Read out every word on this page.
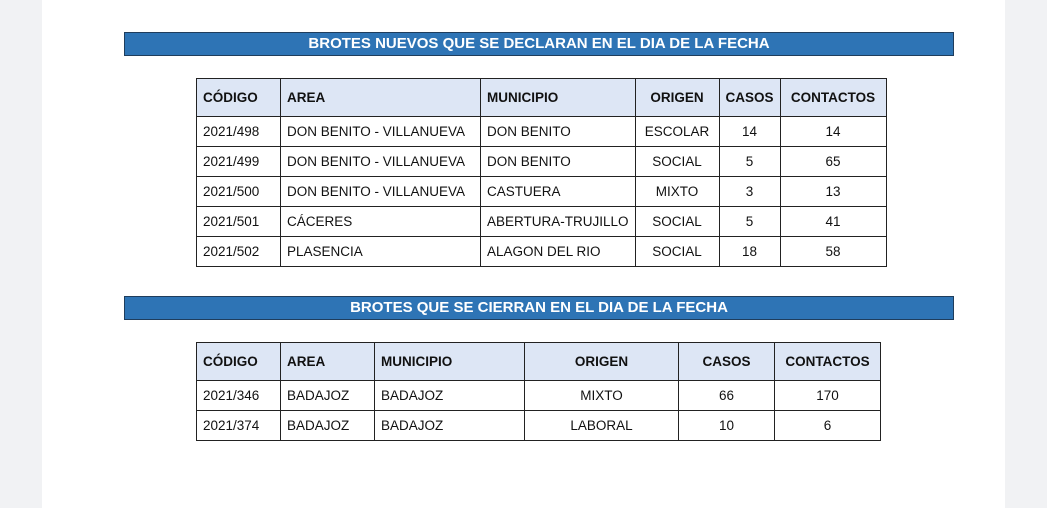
BROTES NUEVOS QUE SE DECLARAN EN EL DIA DE LA FECHA
CÓDIGO	AREA	MUNICIPIO	ORIGEN	CASOS	CONTACTOS
2021/498	DON BENITO - VILLANUEVA	DON BENITO	ESCOLAR	14	14
2021/499	DON BENITO - VILLANUEVA	DON BENITO	SOCIAL	5	65
2021/500	DON BENITO - VILLANUEVA	CASTUERA	MIXTO	3	13
2021/501	CÁCERES	ABERTURA-TRUJILLO	SOCIAL	5	41
2021/502	PLASENCIA	ALAGON DEL RIO	SOCIAL	18	58
BROTES QUE SE CIERRAN EN EL DIA DE LA FECHA
CÓDIGO	AREA	MUNICIPIO	ORIGEN	CASOS	CONTACTOS
2021/346	BADAJOZ	BADAJOZ	MIXTO	66	170
2021/374	BADAJOZ	BADAJOZ	LABORAL	10	6
